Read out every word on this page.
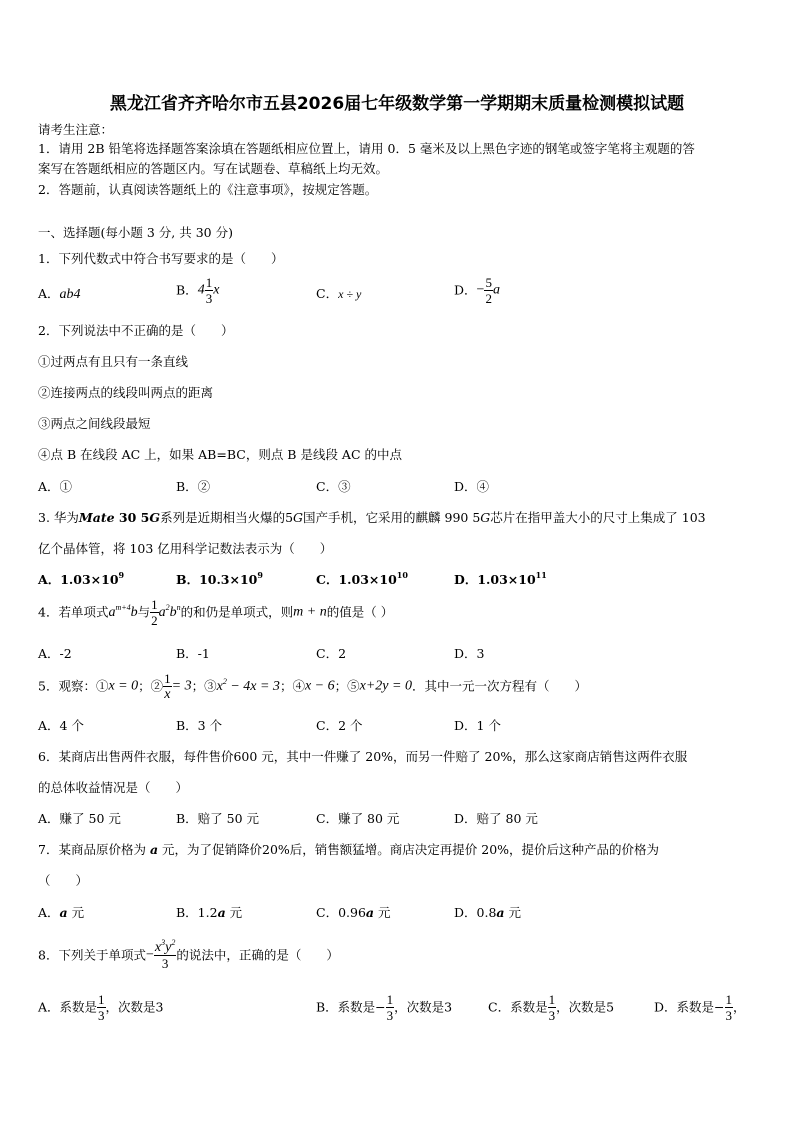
黑龙江省齐齐哈尔市五县2026届七年级数学第一学期期末质量检测模拟试题
请考生注意：
1．请用 2B 铅笔将选择题答案涂填在答题纸相应位置上，请用 0．5 毫米及以上黑色字迹的钢笔或签字笔将主观题的答
案写在答题纸相应的答题区内。写在试题卷、草稿纸上均无效。
2．答题前，认真阅读答题纸上的《注意事项》，按规定答题。
一、选择题(每小题 3 分, 共 30 分)
1．下列代数式中符合书写要求的是（　　）
A．ab4	B．$4 \frac{1}{3}$ x	C．x ÷ y	D．− $\frac{5}{2}$ a
2．下列说法中不正确的是（　　）
①过两点有且只有一条直线
②连接两点的线段叫两点的距离
③两点之间线段最短
④点 B 在线段 AC 上，如果 AB=BC，则点 B 是线段 AC 的中点
A．①	B．②	C．③	D．④
3. 华为Mate 30 5G系列是近期相当火爆的5G国产手机，它采用的麒麟 990 5G芯片在指甲盖大小的尺寸上集成了 103
亿个晶体管，将 103 亿用科学记数法表示为（　　）
A．$1.03\times 10^9$	B．$10.3\times 10^9$	C．$1.03\times 10^{10}$	D．$1.03\times 10^{11}$
4．若单项式$a^{m+4}b$与 $\frac{1}{2} a^2b^n$的和仍是单项式，则m + n的值是（ ）
A．-2	B．-1	C．2	D．3
5．观察：①x = 0；② $\frac{1}{x} = 3$；$③x^2 - 4x = 3$；④x − 6；⑤x+2y = 0．其中一元一次方程有（　　）
A．4 个	B．3 个	C．2 个	D．1 个
6．某商店出售两件衣服，每件售价600 元，其中一件赚了 20%，而另一件赔了 20%，那么这家商店销售这两件衣服
的总体收益情况是（　　）
A．赚了 50 元	B．赔了 50 元	C．赚了 80 元	D．赔了 80 元
7．某商品原价格为 a 元，为了促销降价20%后，销售额猛增。商店决定再提价 20%，提价后这种产品的价格为
（　　）
A．a 元	B．1.2a 元	C．0.96a 元	D．0.8a 元
8．下列关于单项式− $\frac{x^3y^2}{3}$ 的说法中，正确的是（　　）
A．系数是 $\frac{1}{3}$ ，次数是3	B．系数是− $\frac{1}{3}$ ，次数是3	C．系数是 $\frac{1}{3}$ ，次数是5	D．系数是− $\frac{1}{3}$ ，
